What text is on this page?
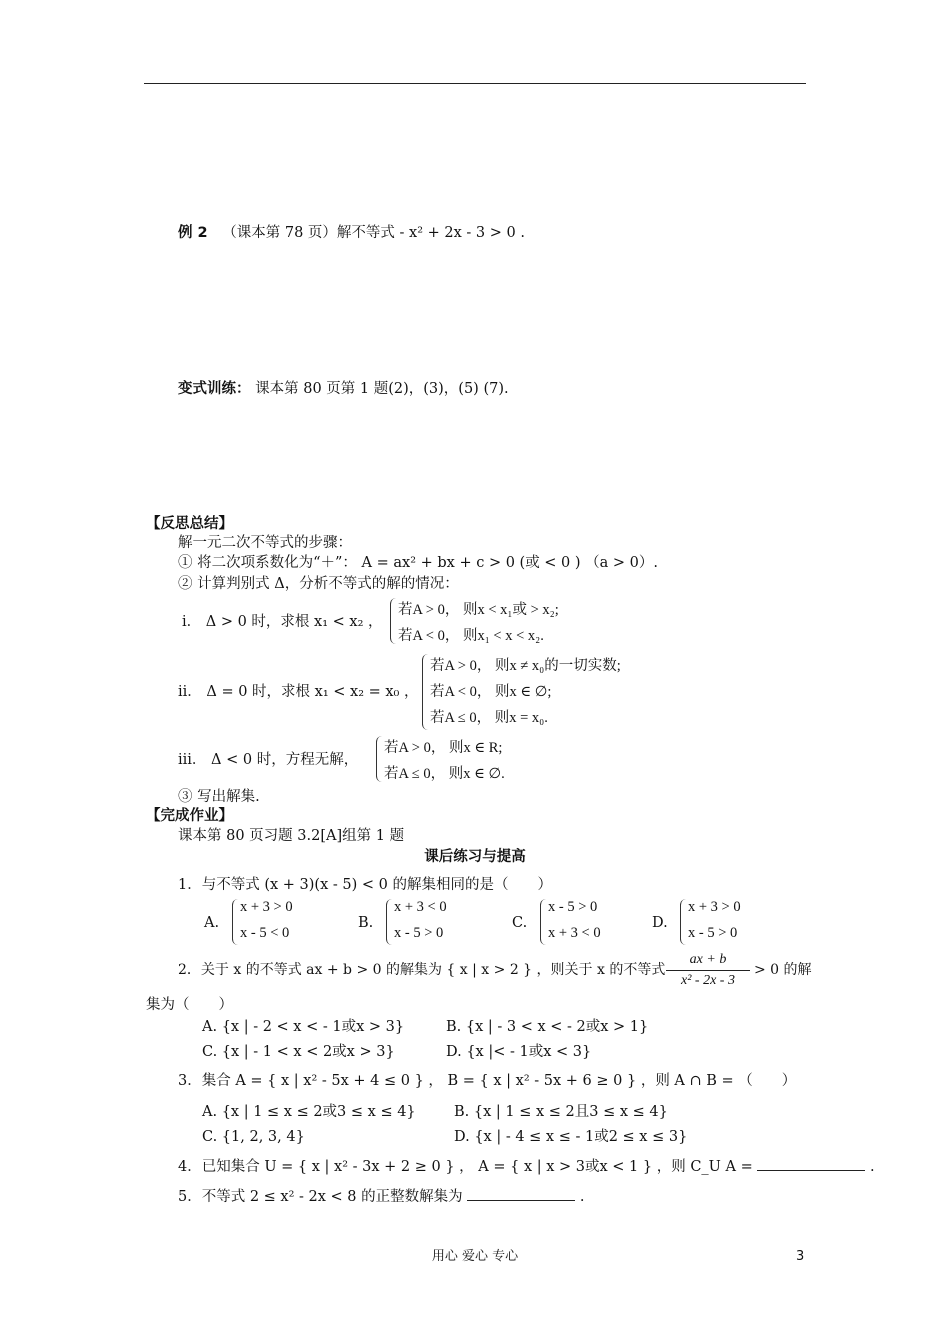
例 2 （课本第 78 页）解不等式 - x² + 2x - 3 > 0 .
变式训练： 课本第 80 页第 1 题(2)，(3)，(5) (7).
【反思总结】
解一元二次不等式的步骤：
① 将二次项系数化为“＋”： A = ax² + bx + c > 0 (或 < 0 ) （a > 0）.
② 计算判别式 Δ，分析不等式的解的情况：
ⅰ． Δ > 0 时，求根 x₁ < x₂ ，
若A > 0， 则x < x₁或 > x₂;
若A < 0， 则x₁ < x < x₂.
ⅱ． Δ = 0 时，求根 x₁ < x₂ = x₀ ，
若A > 0， 则x ≠ x₀的一切实数;
若A < 0， 则x ∈ ∅;
若A ≤ 0， 则x = x₀.
ⅲ． Δ < 0 时，方程无解，
若A > 0， 则x ∈ R;
若A ≤ 0， 则x ∈ ∅.
③ 写出解集.
【完成作业】
课本第 80 页习题 3.2[A]组第 1 题
课后练习与提高
1．与不等式 (x + 3)(x - 5) < 0 的解集相同的是（　　）
A.
x + 3 > 0
x - 5 < 0
B.
x + 3 < 0
x - 5 > 0
C.
x - 5 > 0
x + 3 < 0
D.
x + 3 > 0
x - 5 > 0
2．关于 x 的不等式 ax + b > 0 的解集为 { x | x > 2 } ，则关于 x 的不等式
ax + b
x² - 2x - 3
> 0 的解
集为（　　）
A. {x | - 2 < x < - 1或x > 3}	B. {x | - 3 < x < - 2或x > 1}
C. {x | - 1 < x < 2或x > 3}	D. {x |< - 1或x < 3}
3．集合 A = { x | x² - 5x + 4 ≤ 0 } ， B = { x | x² - 5x + 6 ≥ 0 } ，则 A ∩ B = （　　）
A. {x | 1 ≤ x ≤ 2或3 ≤ x ≤ 4}	B. {x | 1 ≤ x ≤ 2且3 ≤ x ≤ 4}
C. {1, 2, 3, 4}	D. {x | - 4 ≤ x ≤ - 1或2 ≤ x ≤ 3}
4．已知集合 U = { x | x² - 3x + 2 ≥ 0 } ， A = { x | x > 3或x < 1 } ，则 C_U A =	.
5．不等式 2 ≤ x² - 2x < 8 的正整数解集为	.
用心 爱心 专心	3
